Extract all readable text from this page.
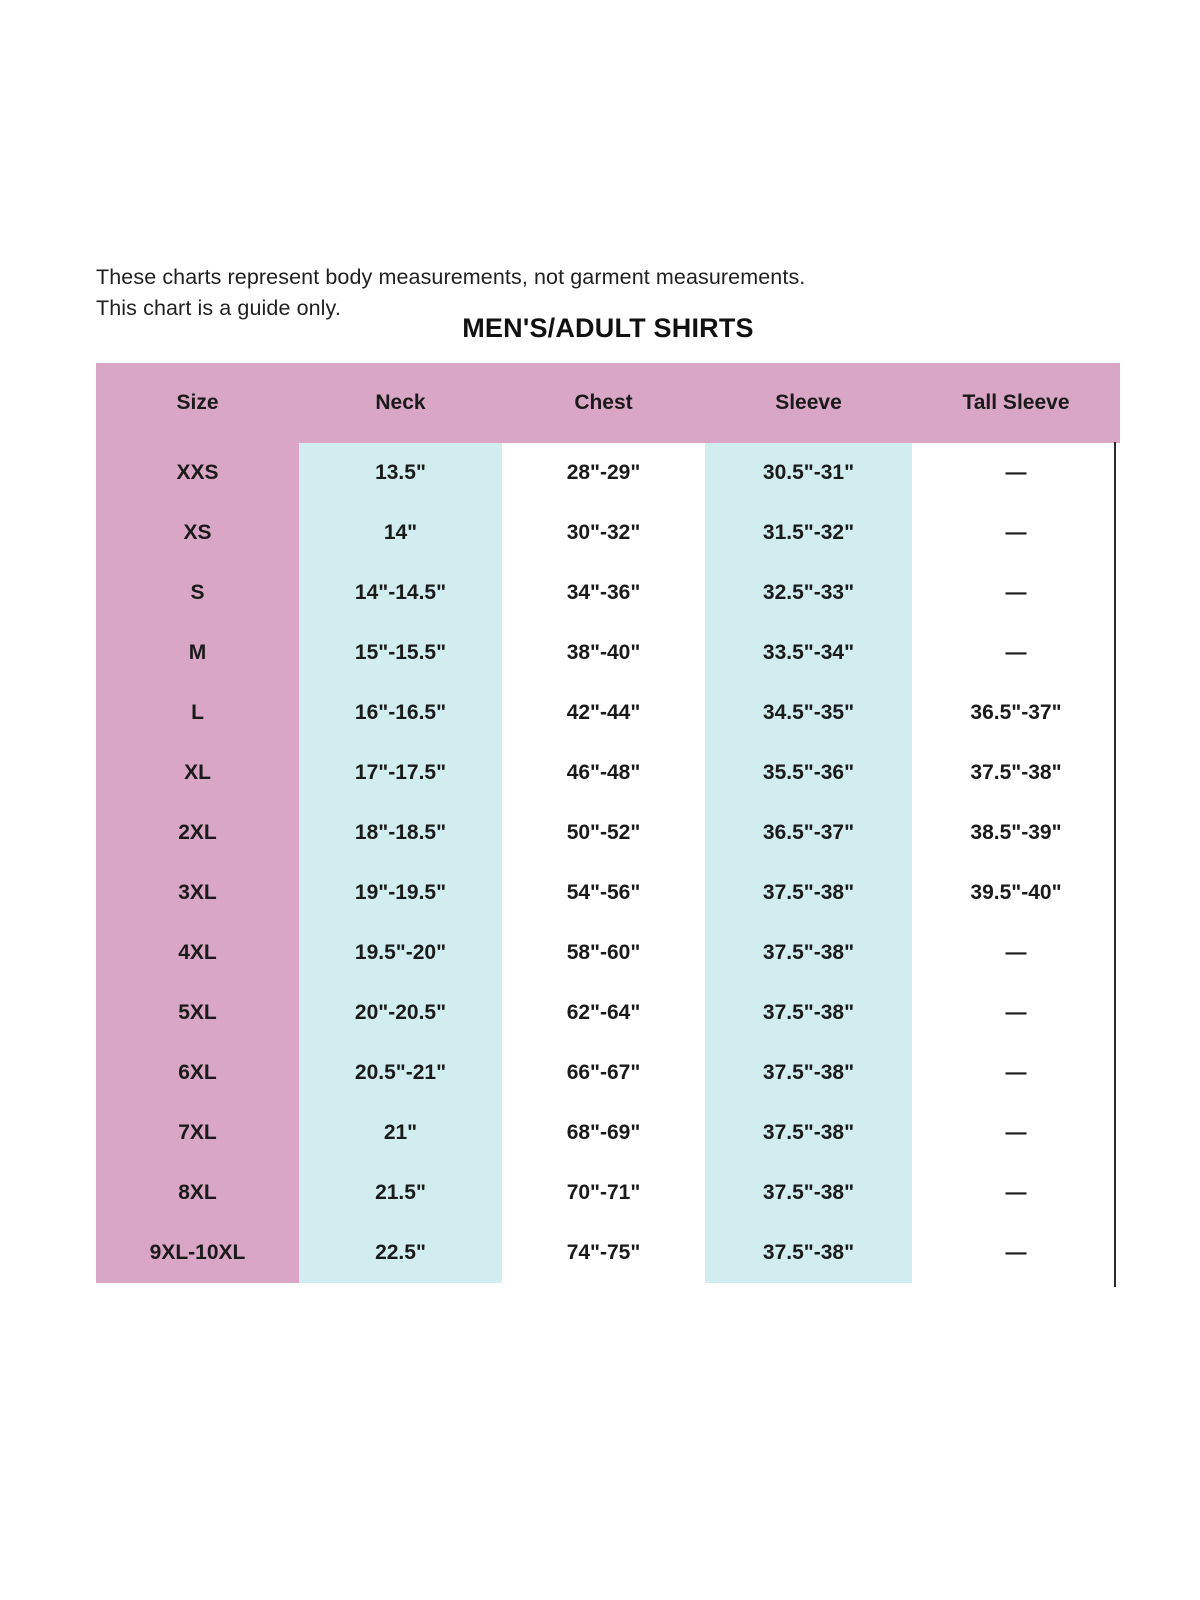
These charts represent body measurements, not garment measurements.
This chart is a guide only.
MEN'S/ADULT SHIRTS
Size	Neck	Chest	Sleeve	Tall Sleeve
XXS	13.5"	28"-29"	30.5"-31"	—
XS	14"	30"-32"	31.5"-32"	—
S	14"-14.5"	34"-36"	32.5"-33"	—
M	15"-15.5"	38"-40"	33.5"-34"	—
L	16"-16.5"	42"-44"	34.5"-35"	36.5"-37"
XL	17"-17.5"	46"-48"	35.5"-36"	37.5"-38"
2XL	18"-18.5"	50"-52"	36.5"-37"	38.5"-39"
3XL	19"-19.5"	54"-56"	37.5"-38"	39.5"-40"
4XL	19.5"-20"	58"-60"	37.5"-38"	—
5XL	20"-20.5"	62"-64"	37.5"-38"	—
6XL	20.5"-21"	66"-67"	37.5"-38"	—
7XL	21"	68"-69"	37.5"-38"	—
8XL	21.5"	70"-71"	37.5"-38"	—
9XL-10XL	22.5"	74"-75"	37.5"-38"	—
